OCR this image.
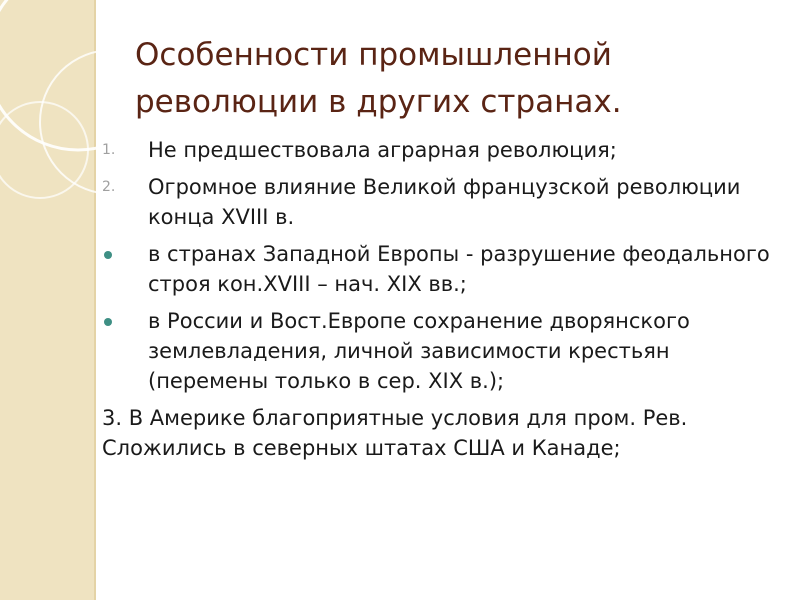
Особенности промышленной революции в других странах.
1. Не предшествовала аграрная революция;
2. Огромное влияние Великой французской революции конца XVIII в.
в странах Западной Европы - разрушение феодального строя кон.XVIII – нач. XIX вв.;
в России и Вост.Европе сохранение дворянского землевладения, личной зависимости крестьян (перемены только в сер. XIX в.);
3. В Америке благоприятные условия для пром. Рев. Сложились в северных штатах США и Канаде;
